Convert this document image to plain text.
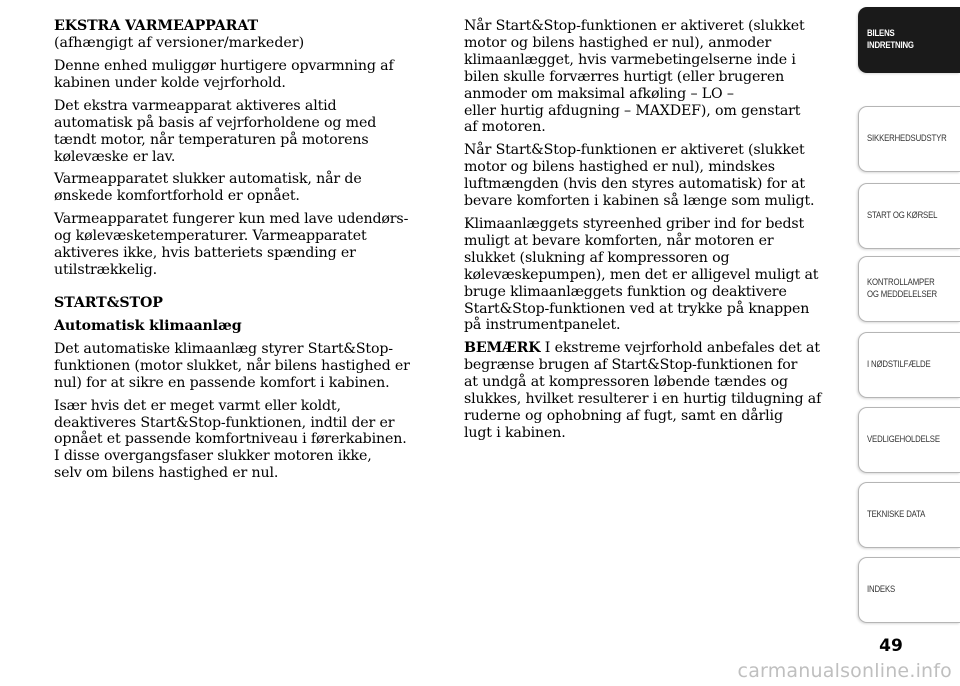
EKSTRA VARMEAPPARAT

(afhængigt af versioner/markeder)

Denne enhed muliggør hurtigere opvarmning af
kabinen under kolde vejrforhold.

Det ekstra varmeapparat aktiveres altid
automatisk på basis af vejrforholdene og med
tændt motor, når temperaturen på motorens
kølevæske er lav.

Varmeapparatet slukker automatisk, når de
ønskede komfortforhold er opnået.

Varmeapparatet fungerer kun med lave udendørs-
og kølevæsketemperaturer. Varmeapparatet
aktiveres ikke, hvis batteriets spænding er
utilstrækkelig.

START&STOP

Automatisk klimaanlæg

Det automatiske klimaanlæg styrer Start&Stop-
funktionen (motor slukket, når bilens hastighed er
nul) for at sikre en passende komfort i kabinen.

Især hvis det er meget varmt eller koldt,
deaktiveres Start&Stop-funktionen, indtil der er
opnået et passende komfortniveau i førerkabinen.
I disse overgangsfaser slukker motoren ikke,
selv om bilens hastighed er nul.

Når Start&Stop-funktionen er aktiveret (slukket
motor og bilens hastighed er nul), anmoder
klimaanlægget, hvis varmebetingelserne inde i
bilen skulle forværres hurtigt (eller brugeren
anmoder om maksimal afkøling – LO –
eller hurtig afdugning – MAXDEF), om genstart
af motoren.

Når Start&Stop-funktionen er aktiveret (slukket
motor og bilens hastighed er nul), mindskes
luftmængden (hvis den styres automatisk) for at
bevare komforten i kabinen så længe som muligt.

Klimaanlæggets styreenhed griber ind for bedst
muligt at bevare komforten, når motoren er
slukket (slukning af kompressoren og
kølevæskepumpen), men det er alligevel muligt at
bruge klimaanlæggets funktion og deaktivere
Start&Stop-funktionen ved at trykke på knappen
på instrumentpanelet.

BEMÆRK I ekstreme vejrforhold anbefales det at
begrænse brugen af Start&Stop-funktionen for
at undgå at kompressoren løbende tændes og
slukkes, hvilket resulterer i en hurtig tildugning af
ruderne og ophobning af fugt, samt en dårlig
lugt i kabinen.

BILENS
INDRETNING
SIKKERHEDSUDSTYR
START OG KØRSEL
KONTROLLAMPER
OG MEDDELELSER
I NØDSTILFÆLDE
VEDLIGEHOLDELSE
TEKNISKE DATA
INDEKS
49
carmanualsonline.info
